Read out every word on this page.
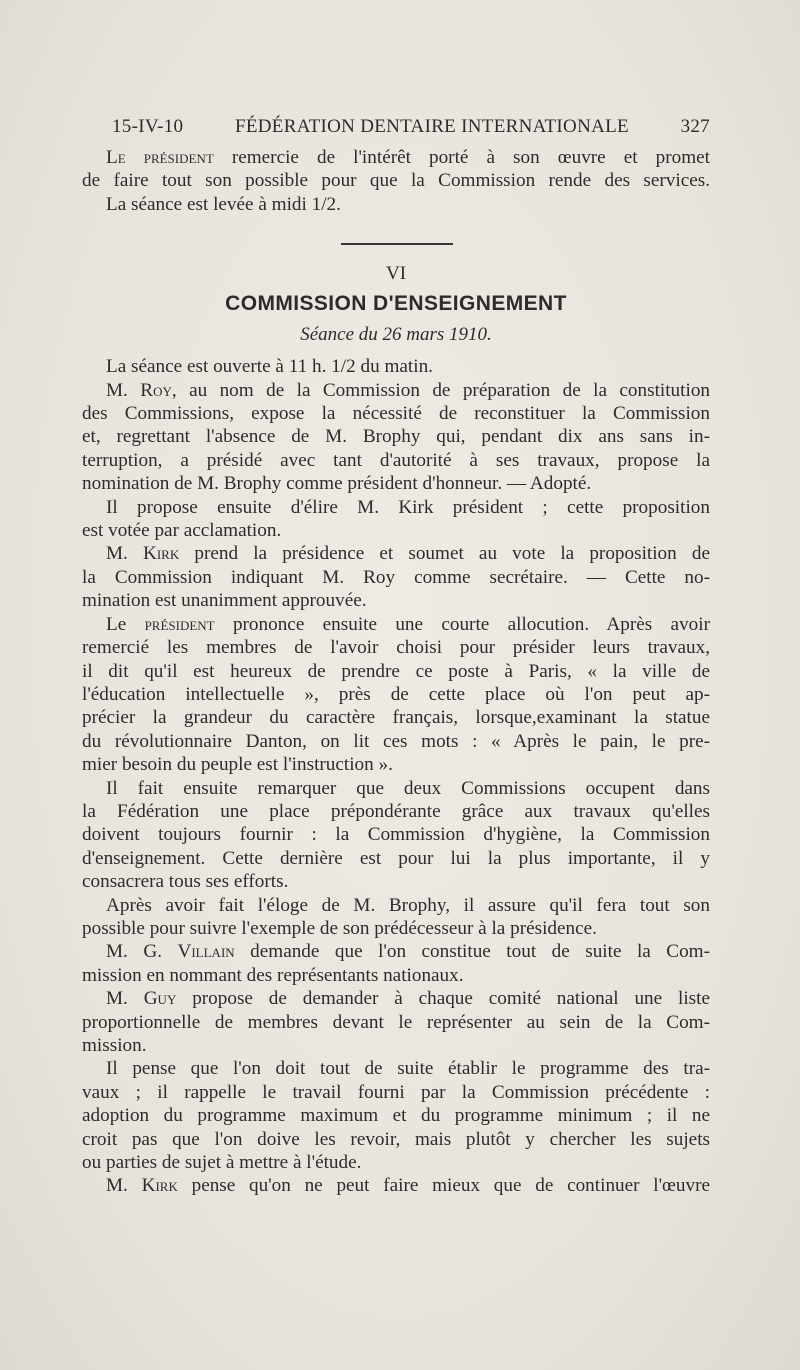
15-IV-10	FÉDÉRATION DENTAIRE INTERNATIONALE	327
Le président remercie de l'intérêt porté à son œuvre et promet
de faire tout son possible pour que la Commission rende des services.
La séance est levée à midi 1/2.
VI
COMMISSION D'ENSEIGNEMENT
Séance du 26 mars 1910.
La séance est ouverte à 11 h. 1/2 du matin.
M. Roy, au nom de la Commission de préparation de la constitution
des Commissions, expose la nécessité de reconstituer la Commission
et, regrettant l'absence de M. Brophy qui, pendant dix ans sans in-
terruption, a présidé avec tant d'autorité à ses travaux, propose la
nomination de M. Brophy comme président d'honneur. — Adopté.
Il propose ensuite d'élire M. Kirk président ; cette proposition
est votée par acclamation.
M. Kirk prend la présidence et soumet au vote la proposition de
la Commission indiquant M. Roy comme secrétaire. — Cette no-
mination est unanimment approuvée.
Le président prononce ensuite une courte allocution. Après avoir
remercié les membres de l'avoir choisi pour présider leurs travaux,
il dit qu'il est heureux de prendre ce poste à Paris, « la ville de
l'éducation intellectuelle », près de cette place où l'on peut ap-
précier la grandeur du caractère français, lorsque,examinant la statue
du révolutionnaire Danton, on lit ces mots : « Après le pain, le pre-
mier besoin du peuple est l'instruction ».
Il fait ensuite remarquer que deux Commissions occupent dans
la Fédération une place prépondérante grâce aux travaux qu'elles
doivent toujours fournir : la Commission d'hygiène, la Commission
d'enseignement. Cette dernière est pour lui la plus importante, il y
consacrera tous ses efforts.
Après avoir fait l'éloge de M. Brophy, il assure qu'il fera tout son
possible pour suivre l'exemple de son prédécesseur à la présidence.
M. G. Villain demande que l'on constitue tout de suite la Com-
mission en nommant des représentants nationaux.
M. Guy propose de demander à chaque comité national une liste
proportionnelle de membres devant le représenter au sein de la Com-
mission.
Il pense que l'on doit tout de suite établir le programme des tra-
vaux ; il rappelle le travail fourni par la Commission précédente :
adoption du programme maximum et du programme minimum ; il ne
croit pas que l'on doive les revoir, mais plutôt y chercher les sujets
ou parties de sujet à mettre à l'étude.
M. Kirk pense qu'on ne peut faire mieux que de continuer l'œuvre
